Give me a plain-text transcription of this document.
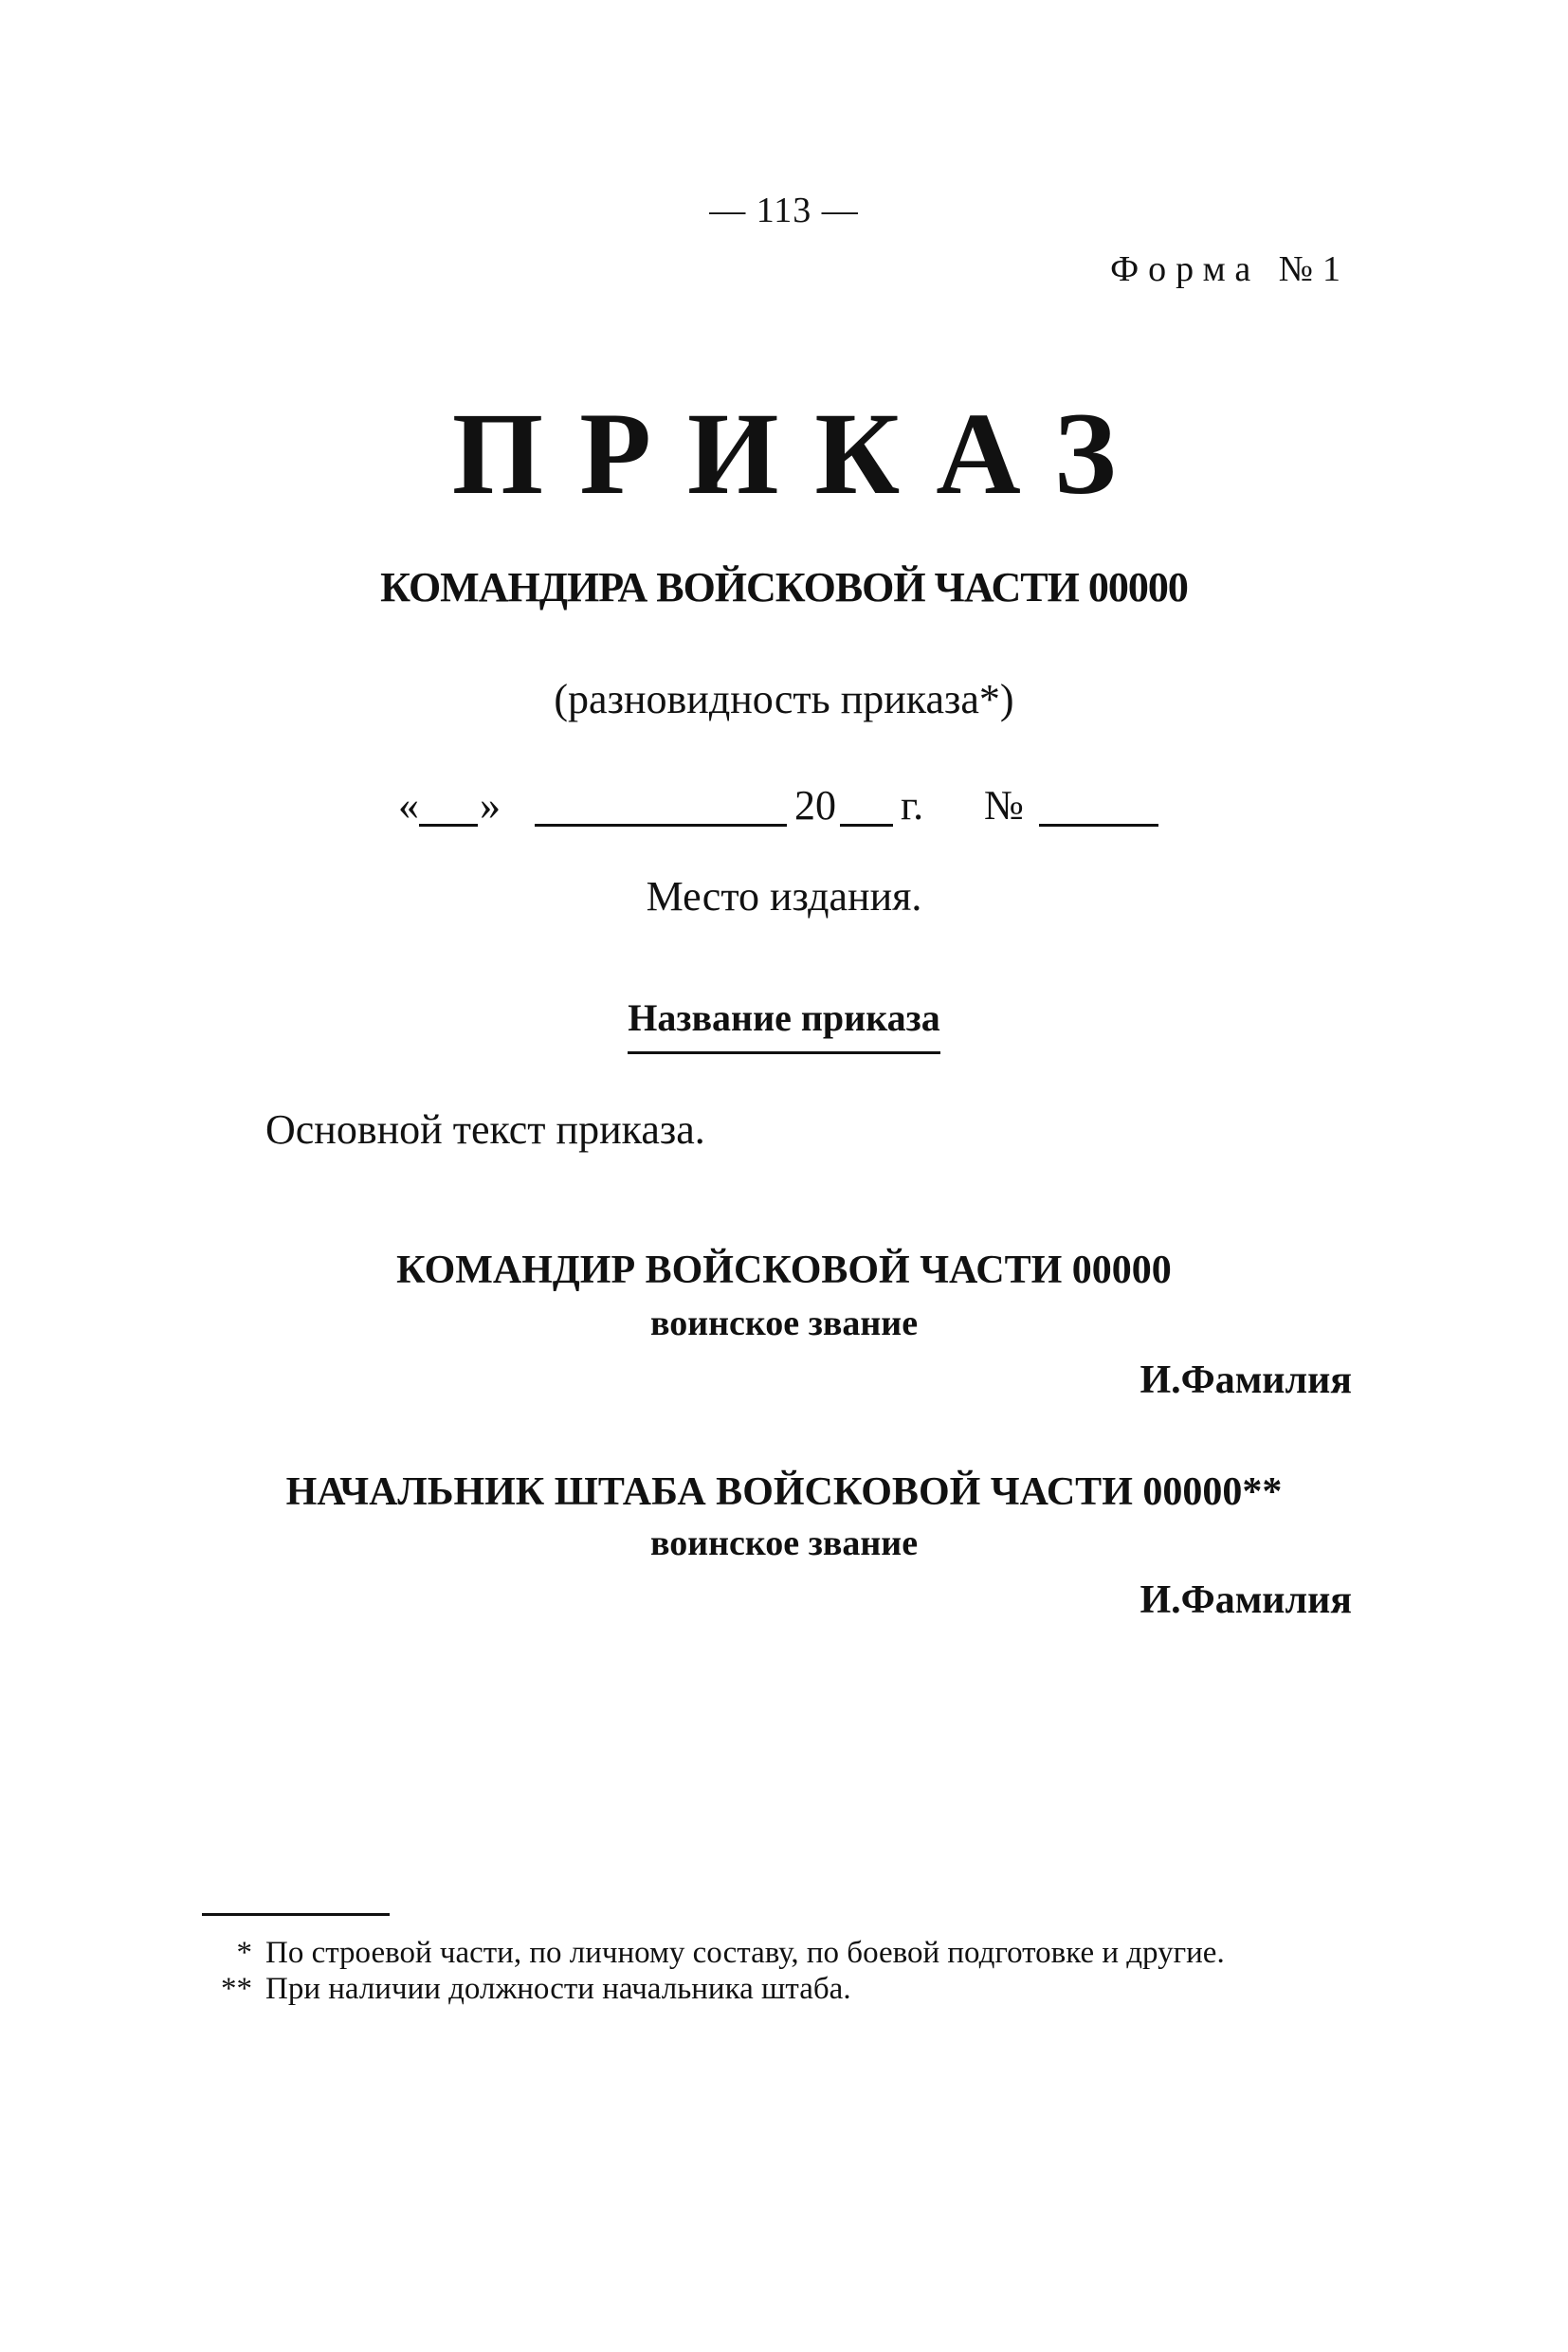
— 113 —
Форма №1
ПРИКАЗ
КОМАНДИРА ВОЙСКОВОЙ ЧАСТИ 00000
(разновидность приказа*)
« »	20 г. №
Место издания.
Название приказа
Основной текст приказа.
КОМАНДИР ВОЙСКОВОЙ ЧАСТИ 00000
воинское звание
И.Фамилия
НАЧАЛЬНИК ШТАБА ВОЙСКОВОЙ ЧАСТИ 00000**
воинское звание
И.Фамилия
* По строевой части, по личному составу, по боевой подготовке и другие.
** При наличии должности начальника штаба.
